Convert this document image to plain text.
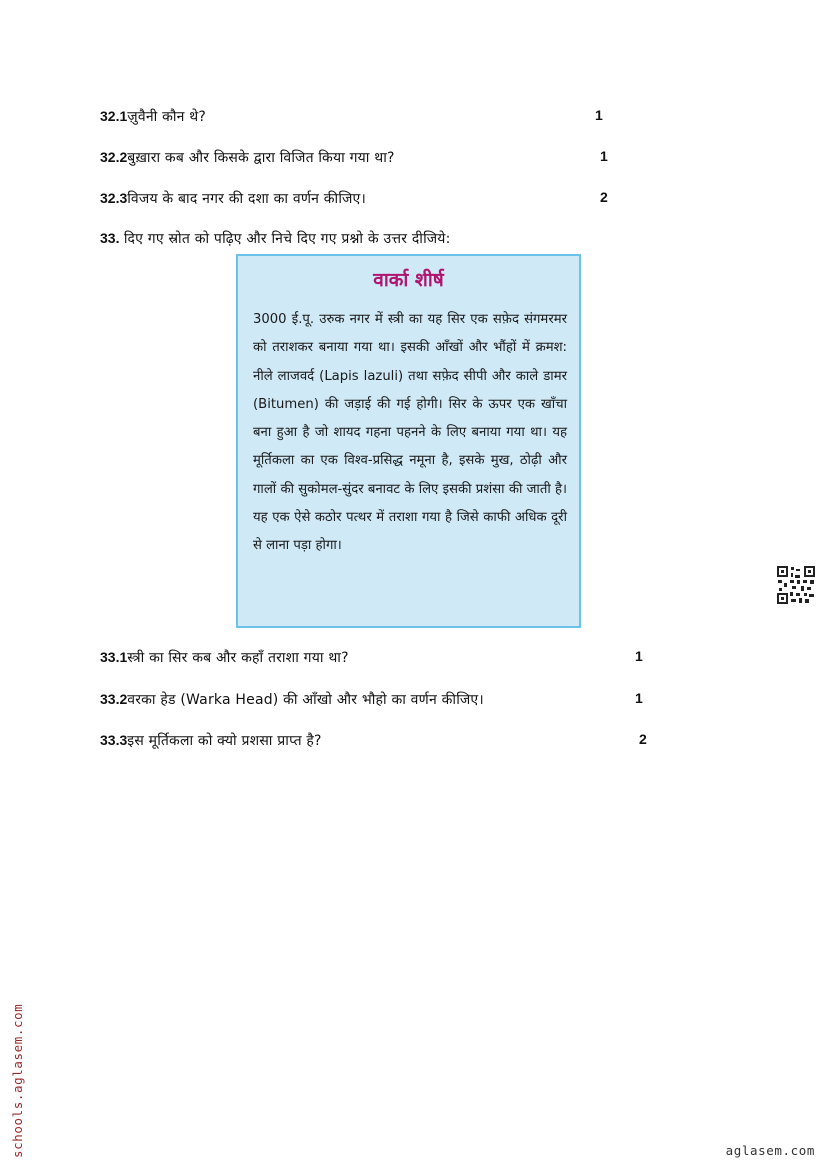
32.1ज़ुवैनी कौन थे?	1
32.2बुख़ारा कब और किसके द्वारा विजित किया गया था?	1
32.3विजय के बाद नगर की दशा का वर्णन कीजिए।	2
33. दिए गए स्रोत को पढ़िए और निचे दिए गए प्रश्नो के उत्तर दीजिये:
वार्का शीर्ष
3000 ई.पू. उरुक नगर में स्त्री का यह सिर एक सफ़ेद संगमरमर को तराशकर बनाया गया था। इसकी आँखों और भौंहों में क्रमश: नीले लाजवर्द (Lapis lazuli) तथा सफ़ेद सीपी और काले डामर (Bitumen) की जड़ाई की गई होगी। सिर के ऊपर एक खाँचा बना हुआ है जो शायद गहना पहनने के लिए बनाया गया था। यह मूर्तिकला का एक विश्व-प्रसिद्ध नमूना है, इसके मुख, ठोढ़ी और गालों की सुकोमल-सुंदर बनावट के लिए इसकी प्रशंसा की जाती है। यह एक ऐसे कठोर पत्थर में तराशा गया है जिसे काफी अधिक दूरी से लाना पड़ा होगा।
33.1स्त्री का सिर कब और कहाँ तराशा गया था?	1
33.2वरका हेड (Warka Head) की आँखो और भौहो का वर्णन कीजिए।	1
33.3इस मूर्तिकला को क्यो प्रशसा प्राप्त है?	2
schools.aglasem.com	aglasem.com
